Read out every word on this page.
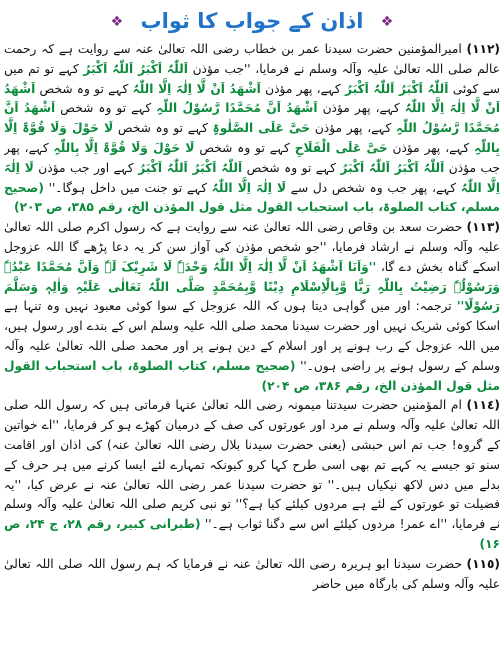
❖ اذان کے جواب کا ثواب ❖

(١١٢) امیرالمؤمنین حضرت سیدنا عمر بن خطاب رضی اللہ تعالیٰ عنہ سے روایت ہے کہ رحمت عالم صلی اللہ تعالیٰ علیہ وآلہ وسلم نے فرمایا، ''جب مؤذن اَللّٰہُ اَکْبَرُ اَللّٰہُ اَکْبَرُ کہے تو تم میں سے کوئی اَللّٰہُ اَکْبَرُ اَللّٰہُ اَکْبَرُ کہے، پھر مؤذن اَشْھَدُ اَنْ لَّا اِلٰہَ اِلَّا اللّٰہُ کہے تو وہ شخص اَشْھَدُ اَنْ لَّا اِلٰہَ اِلَّا اللّٰہُ کہے، پھر مؤذن اَشْھَدُ اَنَّ مُحَمَّدًا رَّسُوْلُ اللّٰہِ کہے تو وہ شخص اَشْھَدُ اَنَّ مُحَمَّدًا رَّسُوْلُ اللّٰہِ کہے، پھر مؤذن حَیَّ عَلَی الصَّلٰوۃِ کہے تو وہ شخص لَا حَوْلَ وَلَا قُوَّۃَ اِلَّا بِاللّٰہِ کہے، پھر مؤذن حَیَّ عَلَی الْفَلَاحِ کہے تو وہ شخص لَا حَوْلَ وَلَا قُوَّۃَ اِلَّا بِاللّٰہِ کہے، پھر جب مؤذن اَللّٰہُ اَکْبَرُ اَللّٰہُ اَکْبَرُ کہے تو وہ شخص اَللّٰہُ اَکْبَرُ اَللّٰہُ اَکْبَرُ کہے اور جب مؤذن لَا اِلٰہَ اِلَّا اللّٰہُ کہے، پھر جب وہ شخص دل سے لَا اِلٰہَ اِلَّا اللّٰہُ کہے تو جنت میں داخل ہوگا۔'' (صحیح مسلم، کتاب الصلوۃ، باب استحباب القول مثل قول المؤذن الخ، رقم ۳۸۵، ص ۲۰۳)

(١١٣) حضرت سعد بن وقاص رضی اللہ تعالیٰ عنہ سے روایت ہے کہ رسول اکرم صلی اللہ تعالیٰ علیہ وآلہ وسلم نے ارشاد فرمایا، ''جو شخص مؤذن کی آواز سن کر یہ دعا پڑھے گا اللہ عزوجل اسکے گناہ بخش دے گا، ''وَاَنَا اَشْھَدُ اَنْ لَّا اِلٰہَ اِلَّا اللّٰہُ وَحْدَہٗ لَا شَرِیْکَ لَہٗ وَاَنَّ مُحَمَّدًا عَبْدُہٗ وَرَسُوْلُہٗ رَضِیْتُ بِاللّٰہِ رَبًّا وَّبِالْاِسْلَامِ دِیْنًا وَّبِمُحَمَّدٍ صَلَّی اللّٰہُ تَعَالٰی عَلَیْہِ وَاٰلِہٖ وَسَلَّمَ رَسُوْلًا'' ترجمہ: اور میں گواہی دیتا ہوں کہ اللہ عزوجل کے سوا کوئی معبود نہیں وہ تنہا ہے اسکا کوئی شریک نہیں اور حضرت سیدنا محمد صلی اللہ علیہ وسلم اس کے بندے اور رسول ہیں، میں اللہ عزوجل کے رب ہونے پر اور اسلام کے دین ہونے پر اور محمد صلی اللہ تعالیٰ علیہ وآلہ وسلم کے رسول ہونے پر راضی ہوں۔'' (صحیح مسلم، کتاب الصلوۃ، باب استحباب القول مثل قول المؤذن الخ، رقم ۳۸۶، ص ۲۰۴)

(١١٤) ام المؤمنین حضرت سیدتنا میمونہ رضی اللہ تعالیٰ عنہا فرماتی ہیں کہ رسول اللہ صلی اللہ تعالیٰ علیہ وآلہ وسلم نے مرد اور عورتوں کی صف کے درمیان کھڑے ہو کر فرمایا، ''اے خواتین کے گروہ! جب تم اس حبشی (یعنی حضرت سیدنا بلال رضی اللہ تعالیٰ عنہ) کی اذان اور اقامت سنو تو جیسے یہ کہے تم بھی اسی طرح کہا کرو کیونکہ تمہارے لئے ایسا کرنے میں ہر حرف کے بدلے میں دس لاکھ نیکیاں ہیں۔'' تو حضرت سیدنا عمر رضی اللہ تعالیٰ عنہ نے عرض کیا، ''یہ فضیلت تو عورتوں کے لئے ہے مردوں کیلئے کیا ہے؟'' تو نبی کریم صلی اللہ تعالیٰ علیہ وآلہ وسلم نے فرمایا، ''اے عمر! مردوں کیلئے اس سے دگنا ثواب ہے۔'' (طبرانی کبیر، رقم ۲۸، ج ۲۴، ص ۱۶)

(١١٥) حضرت سیدنا ابو ہریرہ رضی اللہ تعالیٰ عنہ نے فرمایا کہ ہم رسول اللہ صلی اللہ تعالیٰ علیہ وآلہ وسلم کی بارگاہ میں حاضر
